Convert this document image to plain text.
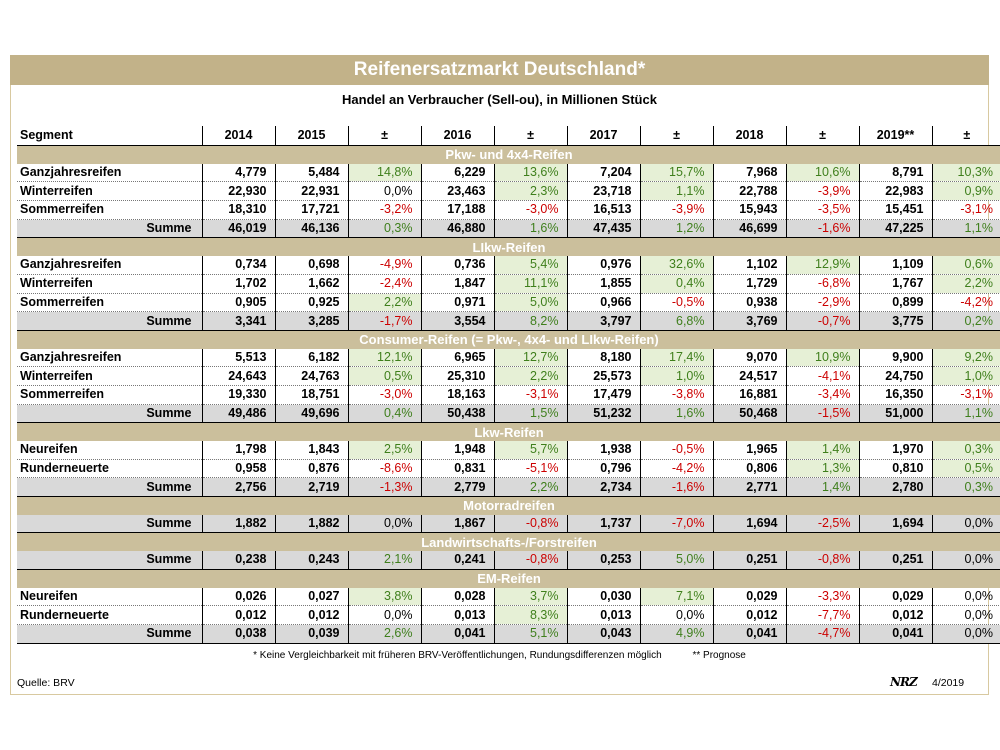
Reifenersatzmarkt Deutschland*
Handel an Verbraucher (Sell-ou), in Millionen Stück
Segment	2014	2015	±	2016	±	2017	±	2018	±	2019**	±
Pkw- und 4x4-Reifen											
Ganzjahresreifen	4,779	5,484	14,8%	6,229	13,6%	7,204	15,7%	7,968	10,6%	8,791	10,3%
Winterreifen	22,930	22,931	0,0%	23,463	2,3%	23,718	1,1%	22,788	-3,9%	22,983	0,9%
Sommerreifen	18,310	17,721	-3,2%	17,188	-3,0%	16,513	-3,9%	15,943	-3,5%	15,451	-3,1%
Summe	46,019	46,136	0,3%	46,880	1,6%	47,435	1,2%	46,699	-1,6%	47,225	1,1%
LIkw-Reifen											
Ganzjahresreifen	0,734	0,698	-4,9%	0,736	5,4%	0,976	32,6%	1,102	12,9%	1,109	0,6%
Winterreifen	1,702	1,662	-2,4%	1,847	11,1%	1,855	0,4%	1,729	-6,8%	1,767	2,2%
Sommerreifen	0,905	0,925	2,2%	0,971	5,0%	0,966	-0,5%	0,938	-2,9%	0,899	-4,2%
Summe	3,341	3,285	-1,7%	3,554	8,2%	3,797	6,8%	3,769	-0,7%	3,775	0,2%
Consumer-Reifen (= Pkw-, 4x4- und LIkw-Reifen)											
Ganzjahresreifen	5,513	6,182	12,1%	6,965	12,7%	8,180	17,4%	9,070	10,9%	9,900	9,2%
Winterreifen	24,643	24,763	0,5%	25,310	2,2%	25,573	1,0%	24,517	-4,1%	24,750	1,0%
Sommerreifen	19,330	18,751	-3,0%	18,163	-3,1%	17,479	-3,8%	16,881	-3,4%	16,350	-3,1%
Summe	49,486	49,696	0,4%	50,438	1,5%	51,232	1,6%	50,468	-1,5%	51,000	1,1%
Lkw-Reifen											
Neureifen	1,798	1,843	2,5%	1,948	5,7%	1,938	-0,5%	1,965	1,4%	1,970	0,3%
Runderneuerte	0,958	0,876	-8,6%	0,831	-5,1%	0,796	-4,2%	0,806	1,3%	0,810	0,5%
Summe	2,756	2,719	-1,3%	2,779	2,2%	2,734	-1,6%	2,771	1,4%	2,780	0,3%
Motorradreifen											
Summe	1,882	1,882	0,0%	1,867	-0,8%	1,737	-7,0%	1,694	-2,5%	1,694	0,0%
Landwirtschafts-/Forstreifen											
Summe	0,238	0,243	2,1%	0,241	-0,8%	0,253	5,0%	0,251	-0,8%	0,251	0,0%
EM-Reifen											
Neureifen	0,026	0,027	3,8%	0,028	3,7%	0,030	7,1%	0,029	-3,3%	0,029	0,0%
Runderneuerte	0,012	0,012	0,0%	0,013	8,3%	0,013	0,0%	0,012	-7,7%	0,012	0,0%
Summe	0,038	0,039	2,6%	0,041	5,1%	0,043	4,9%	0,041	-4,7%	0,041	0,0%
* Keine Vergleichbarkeit mit früheren BRV-Veröffentlichungen, Rundungsdifferenzen möglich	** Prognose
Quelle: BRV	NRZ 4/2019
